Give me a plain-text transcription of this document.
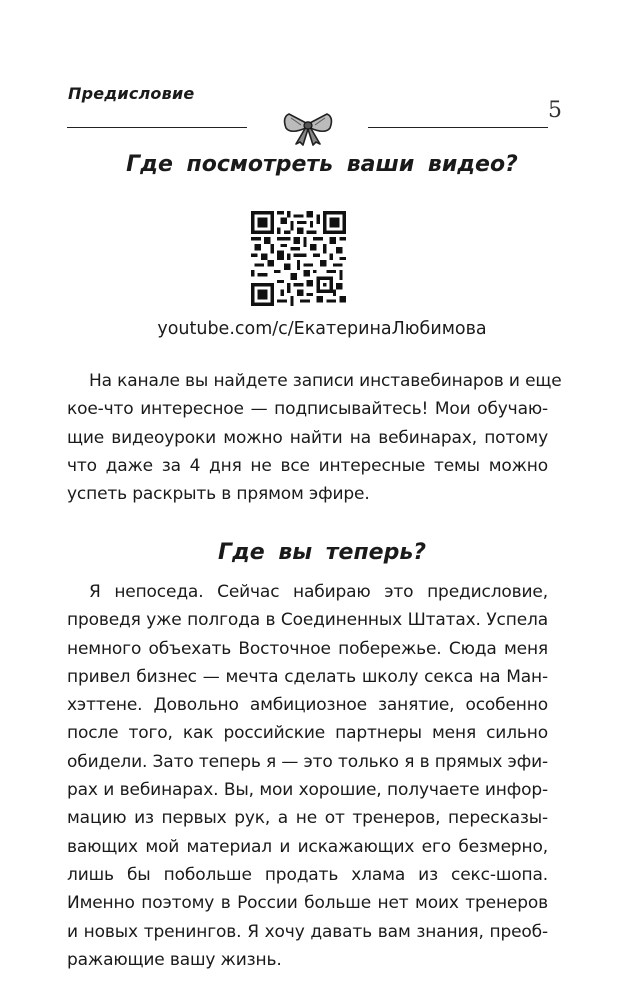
Предисловие
5
Где посмотреть ваши видео?
youtube.com/c/ЕкатеринаЛюбимова

На канале вы найдете записи инставебинаров и еще
кое-что интересное — подписывайтесь! Мои обучаю-
щие видеоуроки можно найти на вебинарах, потому
что даже за 4 дня не все интересные темы можно
успеть раскрыть в прямом эфире.

Где вы теперь?

Я непоседа. Сейчас набираю это предисловие,
проведя уже полгода в Соединенных Штатах. Успела
немного объехать Восточное побережье. Сюда меня
привел бизнес — мечта сделать школу секса на Ман-
хэттене. Довольно амбициозное занятие, особенно
после того, как российские партнеры меня сильно
обидели. Зато теперь я — это только я в прямых эфи-
рах и вебинарах. Вы, мои хорошие, получаете инфор-
мацию из первых рук, а не от тренеров, пересказы-
вающих мой материал и искажающих его безмерно,
лишь бы побольше продать хлама из секс-шопа.
Именно поэтому в России больше нет моих тренеров
и новых тренингов. Я хочу давать вам знания, преоб-
ражающие вашу жизнь.
